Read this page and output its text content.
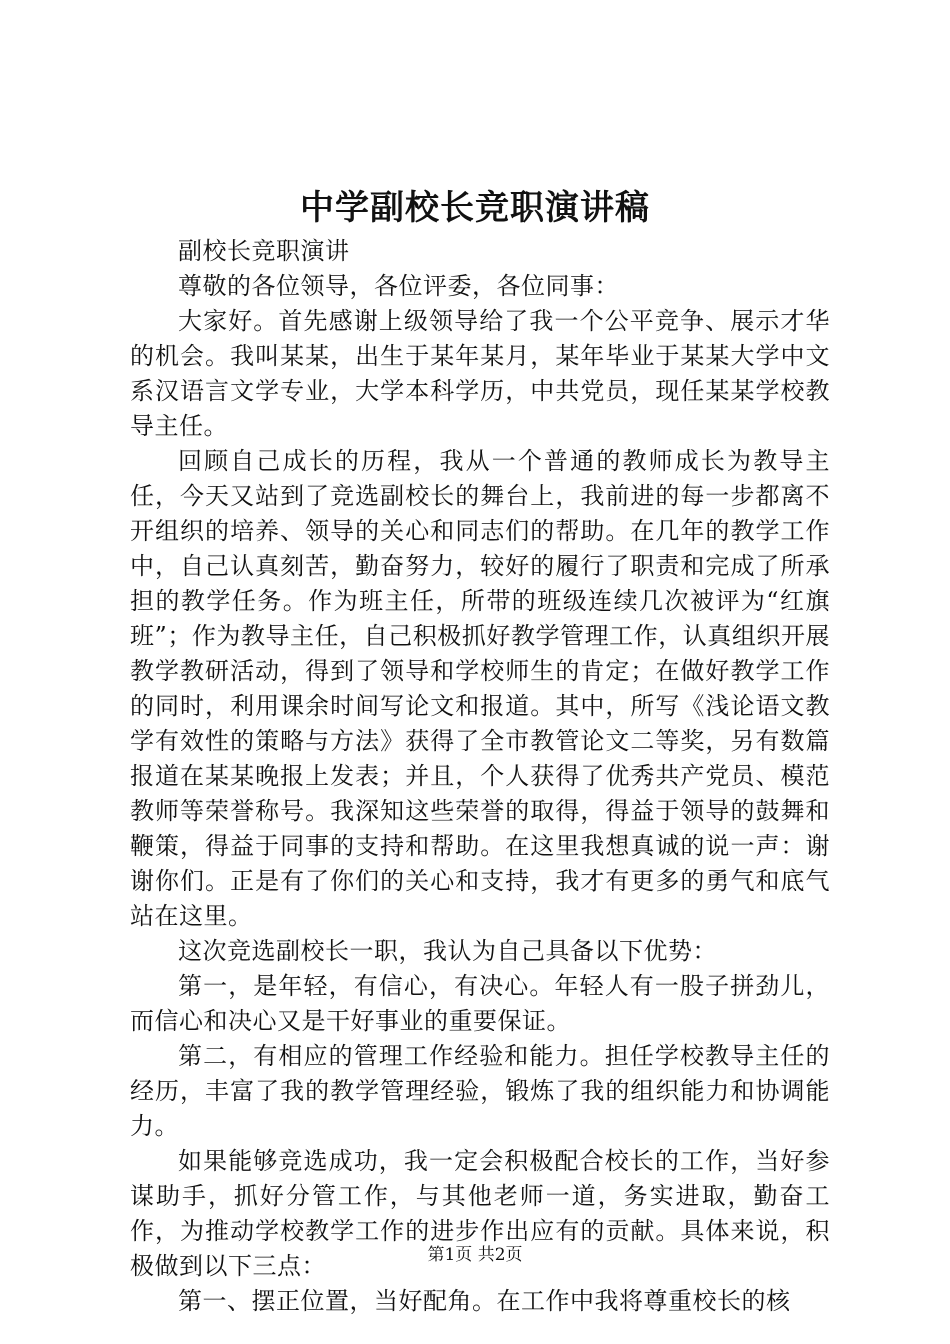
中学副校长竞职演讲稿

副校长竞职演讲

尊敬的各位领导，各位评委，各位同事：

大家好。首先感谢上级领导给了我一个公平竞争、展示才华的机会。我叫某某，出生于某年某月，某年毕业于某某大学中文系汉语言文学专业，大学本科学历，中共党员，现任某某学校教导主任。

回顾自己成长的历程，我从一个普通的教师成长为教导主任，今天又站到了竞选副校长的舞台上，我前进的每一步都离不开组织的培养、领导的关心和同志们的帮助。在几年的教学工作中，自己认真刻苦，勤奋努力，较好的履行了职责和完成了所承担的教学任务。作为班主任，所带的班级连续几次被评为“红旗班”；作为教导主任，自己积极抓好教学管理工作，认真组织开展教学教研活动，得到了领导和学校师生的肯定；在做好教学工作的同时，利用课余时间写论文和报道。其中，所写《浅论语文教学有效性的策略与方法》获得了全市教管论文二等奖，另有数篇报道在某某晚报上发表；并且，个人获得了优秀共产党员、模范教师等荣誉称号。我深知这些荣誉的取得，得益于领导的鼓舞和鞭策，得益于同事的支持和帮助。在这里我想真诚的说一声：谢谢你们。正是有了你们的关心和支持，我才有更多的勇气和底气站在这里。

这次竞选副校长一职，我认为自己具备以下优势：

第一，是年轻，有信心，有决心。年轻人有一股子拼劲儿，而信心和决心又是干好事业的重要保证。

第二，有相应的管理工作经验和能力。担任学校教导主任的经历，丰富了我的教学管理经验，锻炼了我的组织能力和协调能力。

如果能够竞选成功，我一定会积极配合校长的工作，当好参谋助手，抓好分管工作，与其他老师一道，务实进取，勤奋工作，为推动学校教学工作的进步作出应有的贡献。具体来说，积极做到以下三点：

第一、摆正位置，当好配角。在工作中我将尊重校长的核

第1页 共2页
